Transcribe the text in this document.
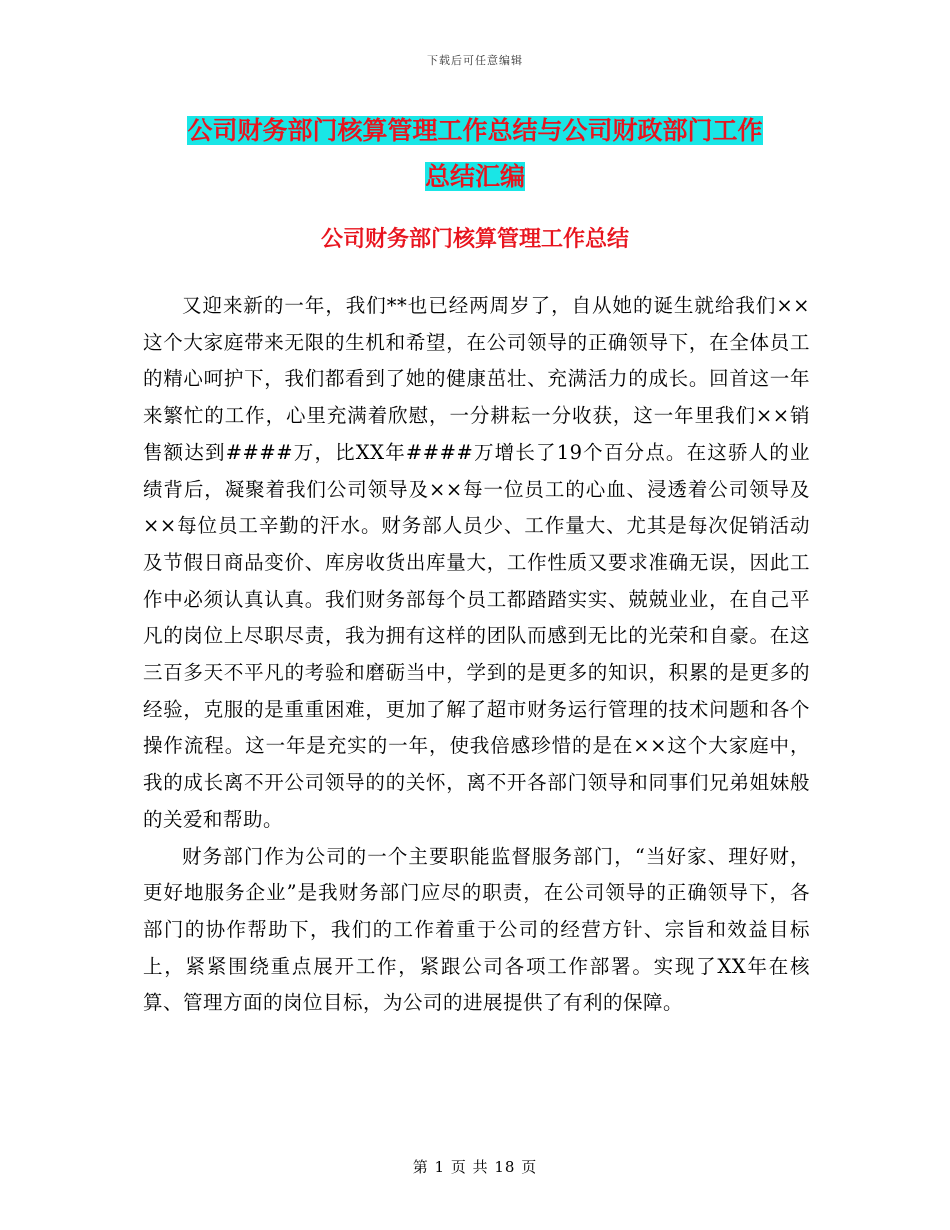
下载后可任意编辑
公司财务部门核算管理工作总结与公司财政部门工作
总结汇编
公司财务部门核算管理工作总结

又迎来新的一年，我们**也已经两周岁了，自从她的诞生就给我们××这个大家庭带来无限的生机和希望，在公司领导的正确领导下，在全体员工的精心呵护下，我们都看到了她的健康茁壮、充满活力的成长。回首这一年来繁忙的工作，心里充满着欣慰，一分耕耘一分收获，这一年里我们××销售额达到####万，比XX年####万增长了19个百分点。在这骄人的业绩背后，凝聚着我们公司领导及××每一位员工的心血、浸透着公司领导及××每位员工辛勤的汗水。财务部人员少、工作量大、尤其是每次促销活动及节假日商品变价、库房收货出库量大，工作性质又要求准确无误，因此工作中必须认真认真。我们财务部每个员工都踏踏实实、兢兢业业，在自己平凡的岗位上尽职尽责，我为拥有这样的团队而感到无比的光荣和自豪。在这三百多天不平凡的考验和磨砺当中，学到的是更多的知识，积累的是更多的经验，克服的是重重困难，更加了解了超市财务运行管理的技术问题和各个操作流程。这一年是充实的一年，使我倍感珍惜的是在××这个大家庭中，我的成长离不开公司领导的的关怀，离不开各部门领导和同事们兄弟姐妹般的关爱和帮助。

财务部门作为公司的一个主要职能监督服务部门，“当好家、理好财，更好地服务企业”是我财务部门应尽的职责，在公司领导的正确领导下，各部门的协作帮助下，我们的工作着重于公司的经营方针、宗旨和效益目标上，紧紧围绕重点展开工作，紧跟公司各项工作部署。实现了XX年在核算、管理方面的岗位目标，为公司的进展提供了有利的保障。

第 1 页 共 18 页
